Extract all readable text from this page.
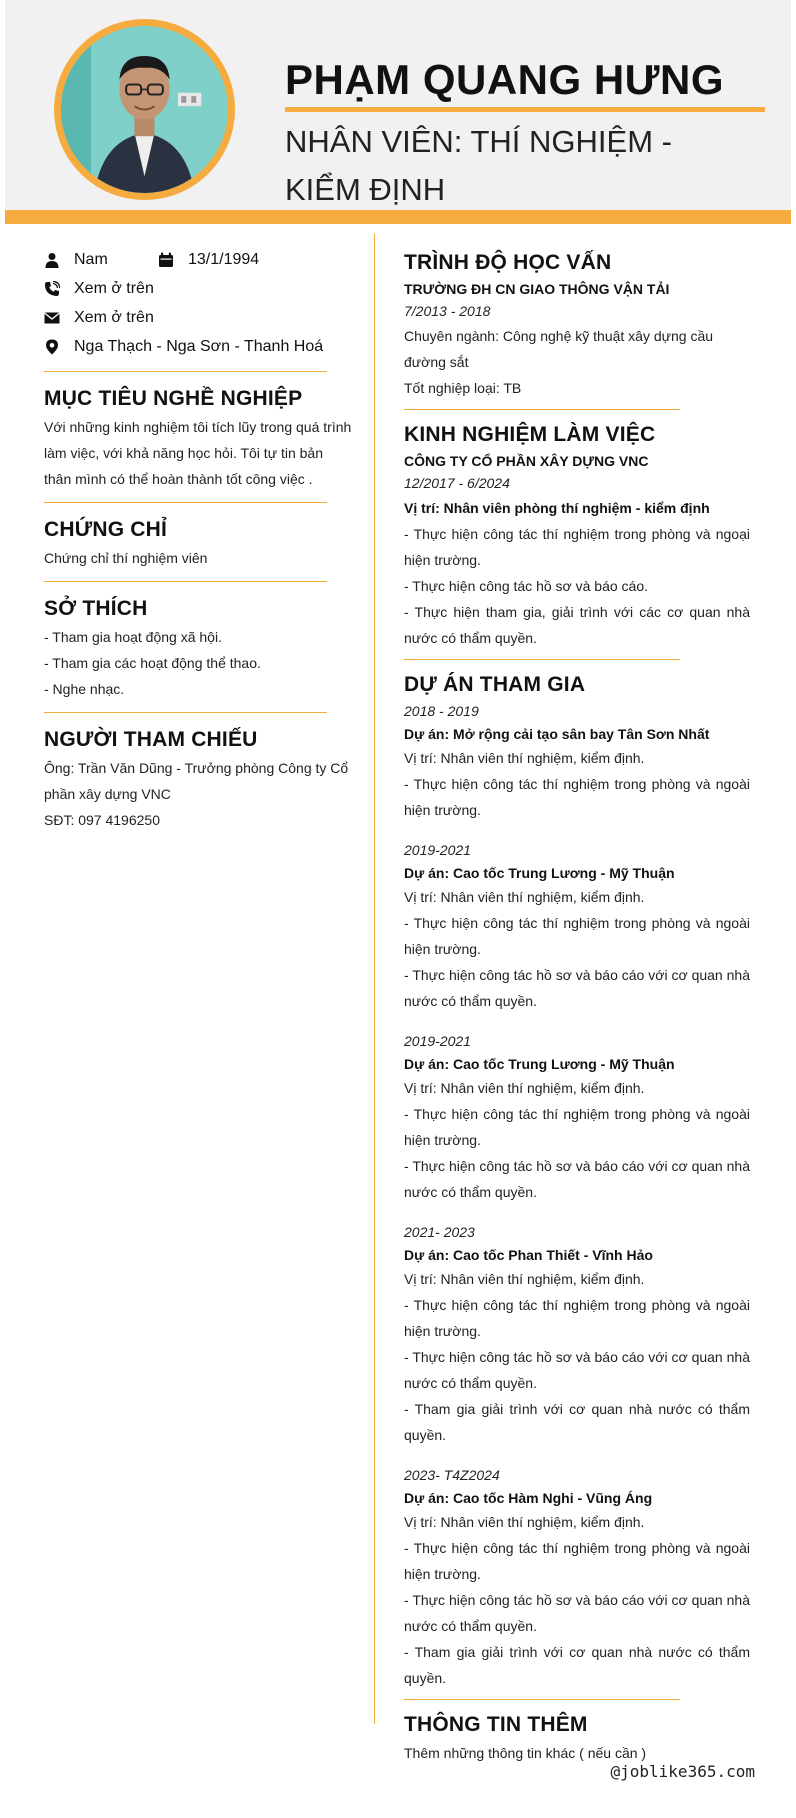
PHẠM QUANG HƯNG
NHÂN VIÊN: THÍ NGHIỆM - KIỂM ĐỊNH
Nam	13/1/1994
Xem ở trên
Xem ở trên
Nga Thạch - Nga Sơn - Thanh Hoá
MỤC TIÊU NGHỀ NGHIỆP
Với những kinh nghiệm tôi tích lũy trong quá trình làm việc, với khả năng học hỏi. Tôi tự tin bản thân mình có thể hoàn thành tốt công việc .
CHỨNG CHỈ
Chứng chỉ thí nghiệm viên
SỞ THÍCH
- Tham gia hoạt động xã hội.
- Tham gia các hoạt động thể thao.
- Nghe nhạc.
NGƯỜI THAM CHIẾU
Ông: Trần Văn Dũng - Trưởng phòng Công ty Cổ phần xây dựng VNC
SĐT: 097 4196250
TRÌNH ĐỘ HỌC VẤN
TRƯỜNG ĐH CN GIAO THÔNG VẬN TẢI
7/2013 - 2018
Chuyên ngành: Công nghệ kỹ thuật xây dựng cầu đường sắt
Tốt nghiệp loại: TB
KINH NGHIỆM LÀM VIỆC
CÔNG TY CỔ PHẦN XÂY DỰNG VNC
12/2017 - 6/2024
Vị trí: Nhân viên phòng thí nghiệm - kiểm định
- Thực hiện công tác thí nghiệm trong phòng và ngoại hiện trường.
- Thực hiện công tác hồ sơ và báo cáo.
- Thực hiện tham gia, giải trình với các cơ quan nhà nước có thẩm quyền.
DỰ ÁN THAM GIA
2018 - 2019
Dự án: Mở rộng cải tạo sân bay Tân Sơn Nhất
Vị trí: Nhân viên thí nghiệm, kiểm định.
- Thực hiện công tác thí nghiệm trong phòng và ngoài hiện trường.
2019-2021
Dự án: Cao tốc Trung Lương - Mỹ Thuận
Vị trí: Nhân viên thí nghiệm, kiểm định.
- Thực hiện công tác thí nghiệm trong phòng và ngoài hiện trường.
- Thực hiện công tác hồ sơ và báo cáo với cơ quan nhà nước có thẩm quyền.
2019-2021
Dự án: Cao tốc Trung Lương - Mỹ Thuận
Vị trí: Nhân viên thí nghiệm, kiểm định.
- Thực hiện công tác thí nghiệm trong phòng và ngoài hiện trường.
- Thực hiện công tác hồ sơ và báo cáo với cơ quan nhà nước có thẩm quyền.
2021- 2023
Dự án: Cao tốc Phan Thiết - Vĩnh Hảo
Vị trí: Nhân viên thí nghiệm, kiểm định.
- Thực hiện công tác thí nghiệm trong phòng và ngoài hiện trường.
- Thực hiện công tác hồ sơ và báo cáo với cơ quan nhà nước có thẩm quyền.
- Tham gia giải trình với cơ quan nhà nước có thẩm quyền.
2023- T4Z2024
Dự án: Cao tốc Hàm Nghi - Vũng Áng
Vị trí: Nhân viên thí nghiệm, kiểm định.
- Thực hiện công tác thí nghiệm trong phòng và ngoài hiện trường.
- Thực hiện công tác hồ sơ và báo cáo với cơ quan nhà nước có thẩm quyền.
- Tham gia giải trình với cơ quan nhà nước có thẩm quyền.
THÔNG TIN THÊM
Thêm những thông tin khác ( nếu cần )
@joblike365.com
